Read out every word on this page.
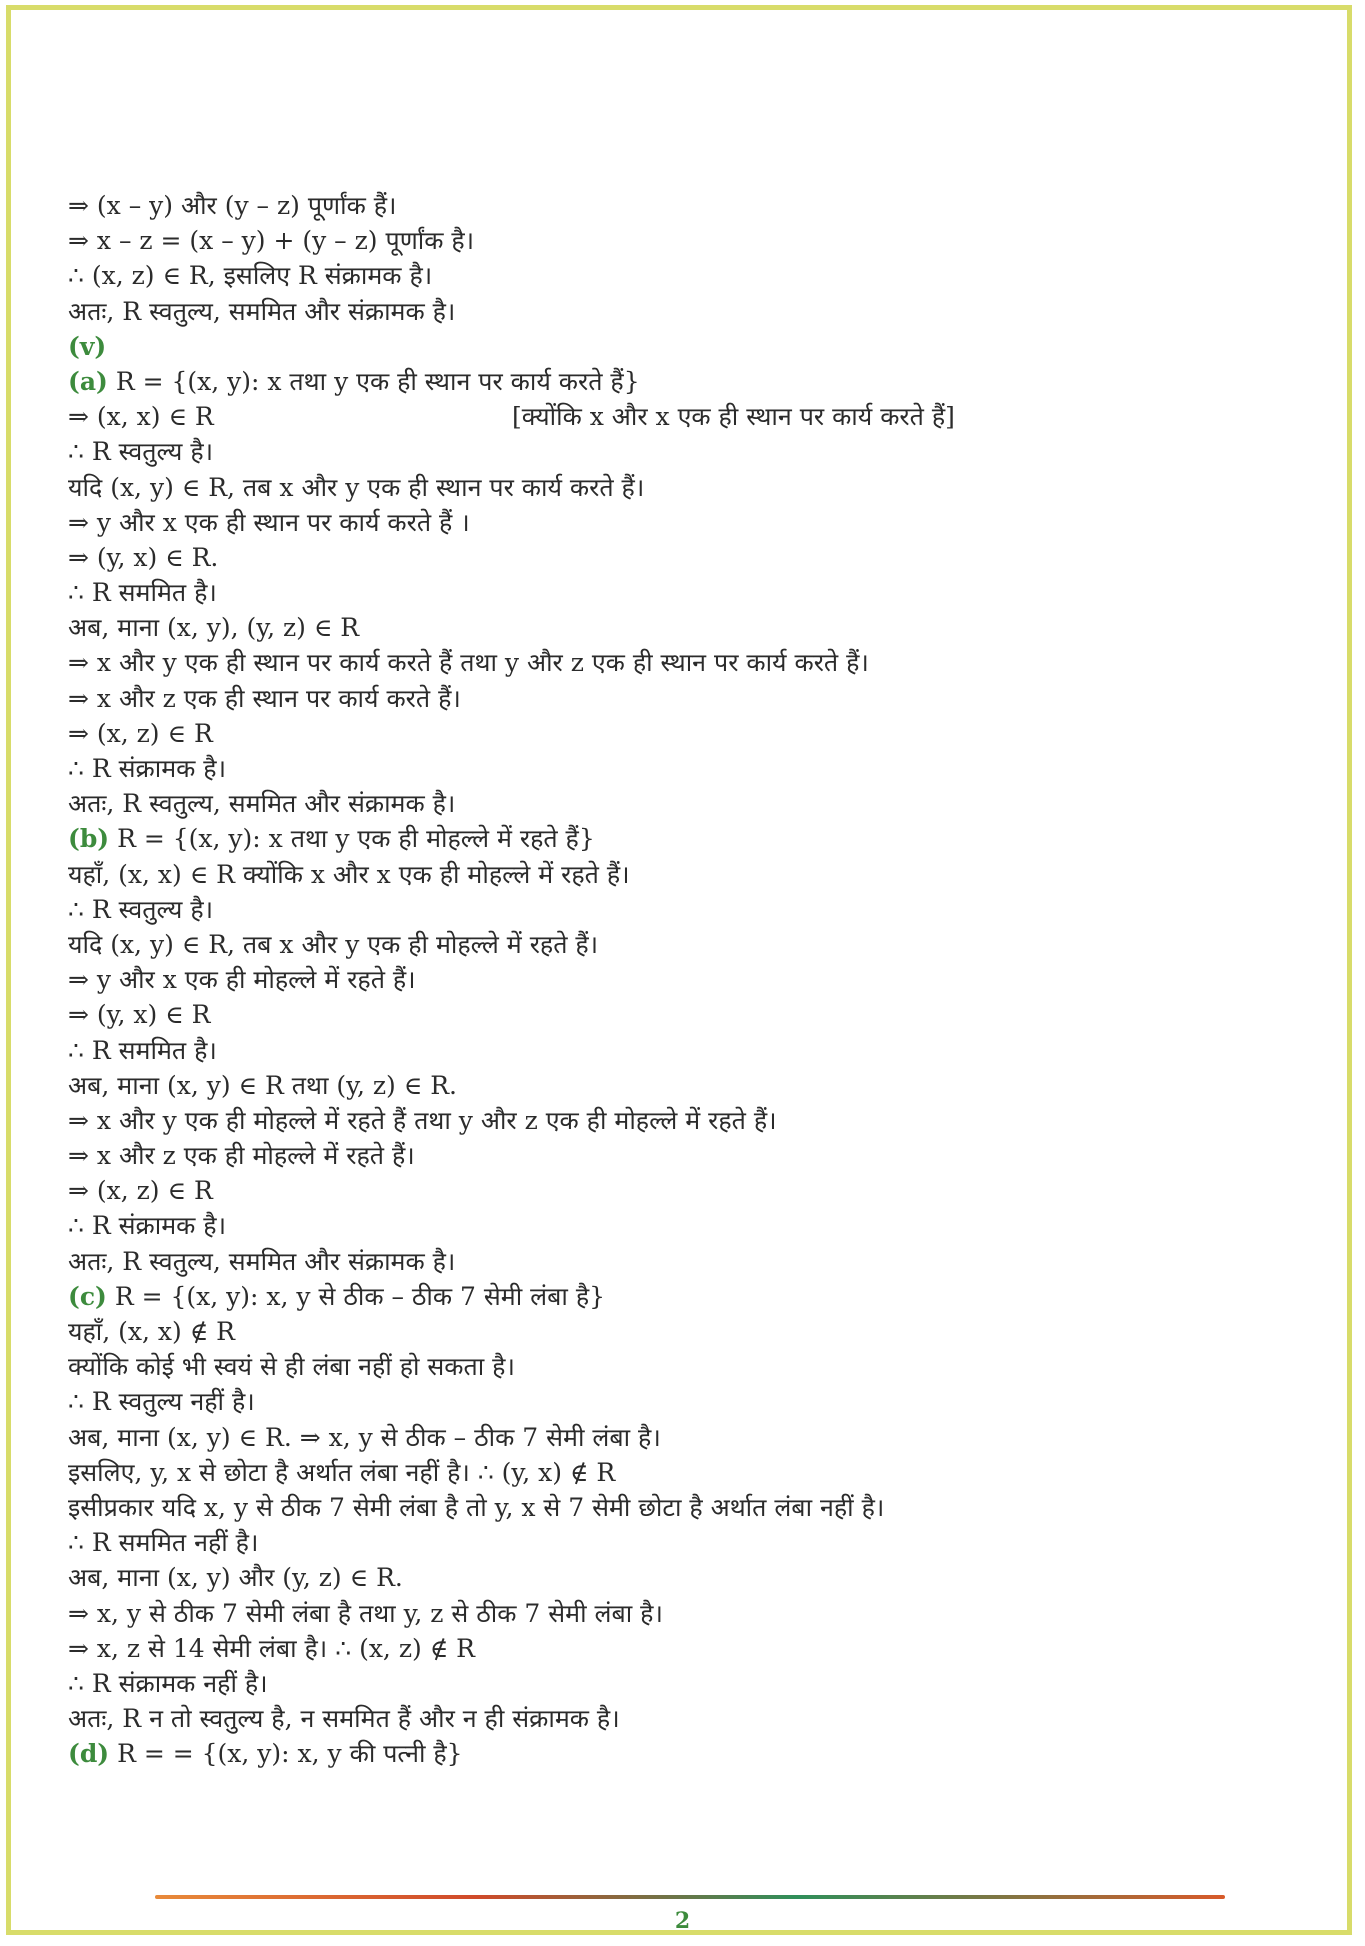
⇒ (x – y) और (y – z) पूर्णांक हैं।
⇒ x – z = (x – y) + (y – z) पूर्णांक है।
∴ (x, z) ∈ R, इसलिए R संक्रामक है।
अतः, R स्वतुल्य, सममित और संक्रामक है।
(v)
(a) R = {(x, y): x तथा y एक ही स्थान पर कार्य करते हैं}
⇒ (x, x) ∈ R	[क्योंकि x और x एक ही स्थान पर कार्य करते हैं]
∴ R स्वतुल्य है।
यदि (x, y) ∈ R, तब x और y एक ही स्थान पर कार्य करते हैं।
⇒ y और x एक ही स्थान पर कार्य करते हैं ।
⇒ (y, x) ∈ R.
∴ R सममित है।
अब, माना (x, y), (y, z) ∈ R
⇒ x और y एक ही स्थान पर कार्य करते हैं तथा y और z एक ही स्थान पर कार्य करते हैं।
⇒ x और z एक ही स्थान पर कार्य करते हैं।
⇒ (x, z) ∈ R
∴ R संक्रामक है।
अतः, R स्वतुल्य, सममित और संक्रामक है।
(b) R = {(x, y): x तथा y एक ही मोहल्ले में रहते हैं}
यहाँ, (x, x) ∈ R क्योंकि x और x एक ही मोहल्ले में रहते हैं।
∴ R स्वतुल्य है।
यदि (x, y) ∈ R, तब x और y एक ही मोहल्ले में रहते हैं।
⇒ y और x एक ही मोहल्ले में रहते हैं।
⇒ (y, x) ∈ R
∴ R सममित है।
अब, माना (x, y) ∈ R तथा (y, z) ∈ R.
⇒ x और y एक ही मोहल्ले में रहते हैं तथा y और z एक ही मोहल्ले में रहते हैं।
⇒ x और z एक ही मोहल्ले में रहते हैं।
⇒ (x, z) ∈ R
∴ R संक्रामक है।
अतः, R स्वतुल्य, सममित और संक्रामक है।
(c) R = {(x, y): x, y से ठीक – ठीक 7 सेमी लंबा है}
यहाँ, (x, x) ∉ R
क्योंकि कोई भी स्वयं से ही लंबा नहीं हो सकता है।
∴ R स्वतुल्य नहीं है।
अब, माना (x, y) ∈ R. ⇒ x, y से ठीक – ठीक 7 सेमी लंबा है।
इसलिए, y, x से छोटा है अर्थात लंबा नहीं है। ∴ (y, x) ∉ R
इसीप्रकार यदि x, y से ठीक 7 सेमी लंबा है तो y, x से 7 सेमी छोटा है अर्थात लंबा नहीं है।
∴ R सममित नहीं है।
अब, माना (x, y) और (y, z) ∈ R.
⇒ x, y से ठीक 7 सेमी लंबा है तथा y, z से ठीक 7 सेमी लंबा है।
⇒ x, z से 14 सेमी लंबा है। ∴ (x, z) ∉ R
∴ R संक्रामक नहीं है।
अतः, R न तो स्वतुल्य है, न सममित हैं और न ही संक्रामक है।
(d) R = = {(x, y): x, y की पत्नी है}
2
